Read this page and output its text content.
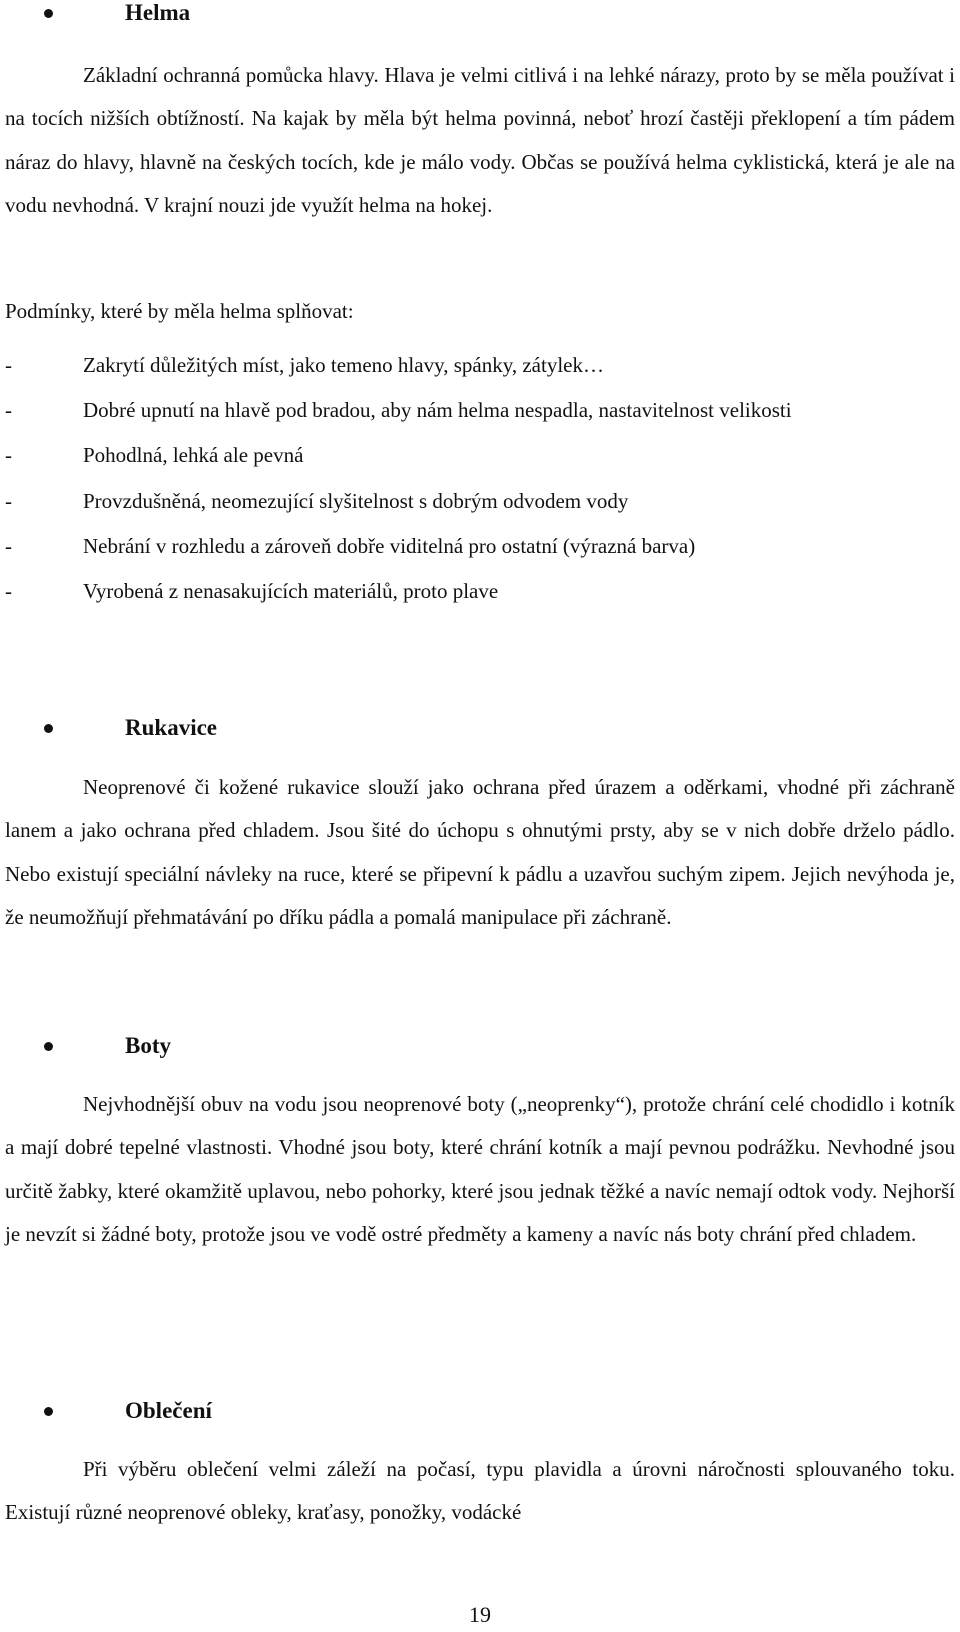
Helma

Základní ochranná pomůcka hlavy. Hlava je velmi citlivá i na lehké nárazy, proto by se měla používat i na tocích nižších obtížností. Na kajak by měla být helma povinná, neboť hrozí častěji překlopení a tím pádem náraz do hlavy, hlavně na českých tocích, kde je málo vody. Občas se používá helma cyklistická, která je ale na vodu nevhodná. V krajní nouzi jde využít helma na hokej.

Podmínky, které by měla helma splňovat:

-	Zakrytí důležitých míst, jako temeno hlavy, spánky, zátylek…
-	Dobré upnutí na hlavě pod bradou, aby nám helma nespadla, nastavitelnost velikosti
-	Pohodlná, lehká ale pevná
-	Provzdušněná, neomezující slyšitelnost s dobrým odvodem vody
-	Nebrání v rozhledu a zároveň dobře viditelná pro ostatní (výrazná barva)
-	Vyrobená z nenasakujících materiálů, proto plave
Rukavice

Neoprenové či kožené rukavice slouží jako ochrana před úrazem a oděrkami, vhodné při záchraně lanem a jako ochrana před chladem. Jsou šité do úchopu s ohnutými prsty, aby se v nich dobře drželo pádlo. Nebo existují speciální návleky na ruce, které se připevní k pádlu a uzavřou suchým zipem. Jejich nevýhoda je, že neumožňují přehmatávání po dříku pádla a pomalá manipulace při záchraně.

Boty

Nejvhodnější obuv na vodu jsou neoprenové boty („neoprenky“), protože chrání celé chodidlo i kotník a mají dobré tepelné vlastnosti. Vhodné jsou boty, které chrání kotník a mají pevnou podrážku. Nevhodné jsou určitě žabky, které okamžitě uplavou, nebo pohorky, které jsou jednak těžké a navíc nemají odtok vody. Nejhorší je nevzít si žádné boty, protože jsou ve vodě ostré předměty a kameny a navíc nás boty chrání před chladem.

Oblečení

Při výběru oblečení velmi záleží na počasí, typu plavidla a úrovni náročnosti splouvaného toku. Existují různé neoprenové obleky, kraťasy, ponožky, vodácké

19
